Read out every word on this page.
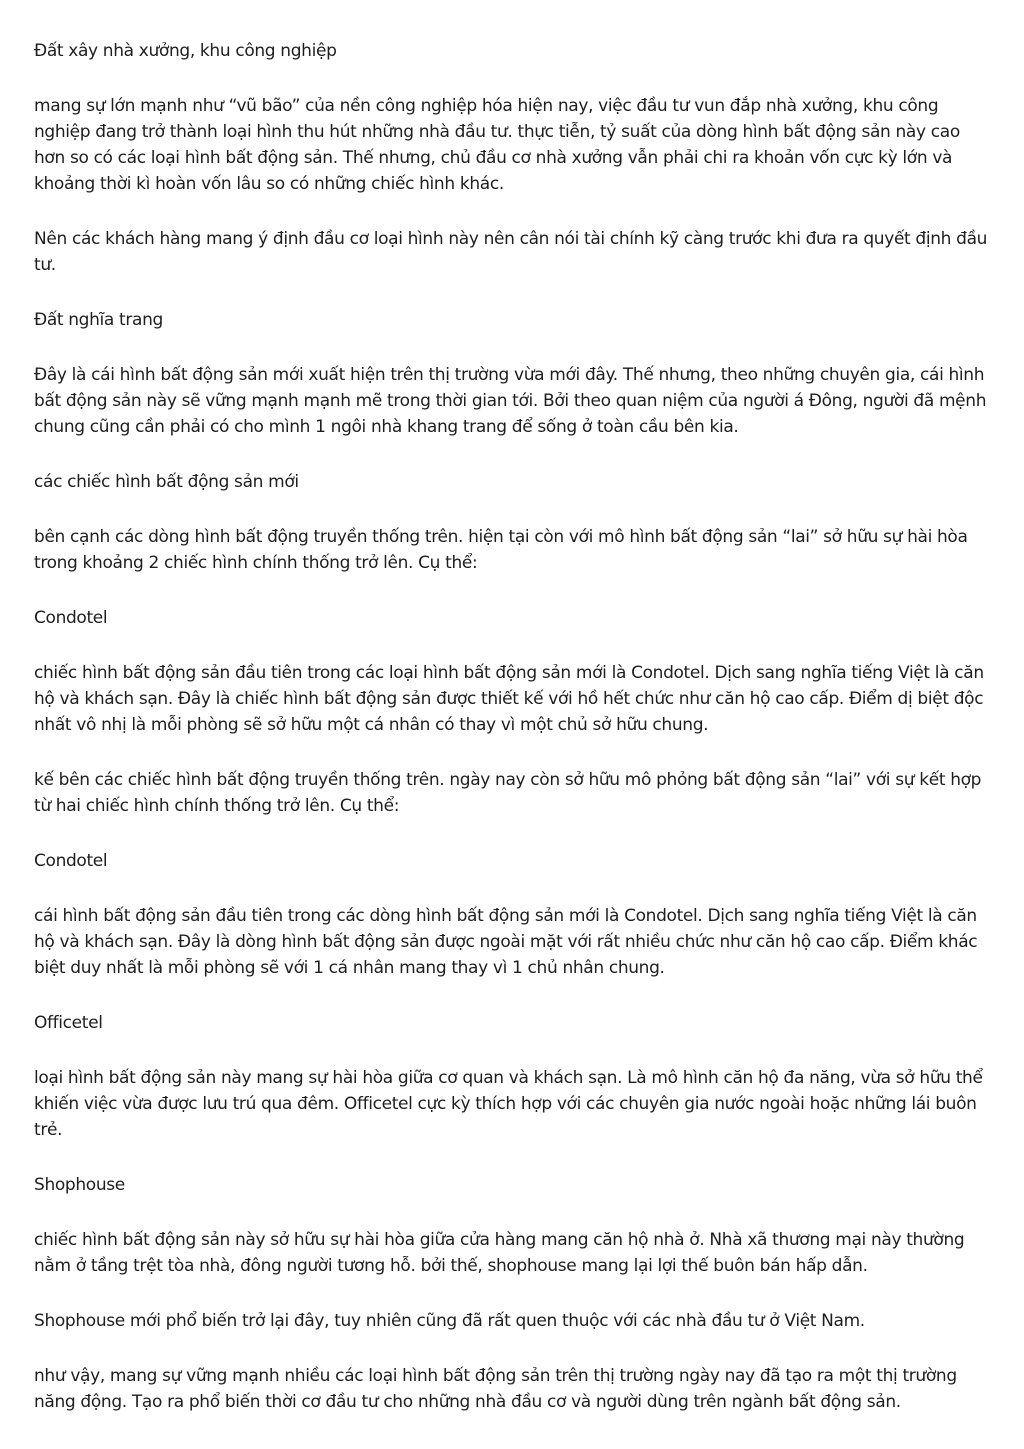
Đất xây nhà xưởng, khu công nghiệp

mang sự lớn mạnh như “vũ bão” của nền công nghiệp hóa hiện nay, việc đầu tư vun đắp nhà xưởng, khu công nghiệp đang trở thành loại hình thu hút những nhà đầu tư. thực tiễn, tỷ suất của dòng hình bất động sản này cao hơn so có các loại hình bất động sản. Thế nhưng, chủ đầu cơ nhà xưởng vẫn phải chi ra khoản vốn cực kỳ lớn và khoảng thời kì hoàn vốn lâu so có những chiếc hình khác.

Nên các khách hàng mang ý định đầu cơ loại hình này nên cân nói tài chính kỹ càng trước khi đưa ra quyết định đầu tư.

Đất nghĩa trang

Đây là cái hình bất động sản mới xuất hiện trên thị trường vừa mới đây. Thế nhưng, theo những chuyên gia, cái hình bất động sản này sẽ vững mạnh mạnh mẽ trong thời gian tới. Bởi theo quan niệm của người á Đông, người đã mệnh chung cũng cần phải có cho mình 1 ngôi nhà khang trang để sống ở toàn cầu bên kia.

các chiếc hình bất động sản mới

bên cạnh các dòng hình bất động truyền thống trên. hiện tại còn với mô hình bất động sản “lai” sở hữu sự hài hòa trong khoảng 2 chiếc hình chính thống trở lên. Cụ thể:

Condotel

chiếc hình bất động sản đầu tiên trong các loại hình bất động sản mới là Condotel. Dịch sang nghĩa tiếng Việt là căn hộ và khách sạn. Đây là chiếc hình bất động sản được thiết kế với hồ hết chức như căn hộ cao cấp. Điểm dị biệt độc nhất vô nhị là mỗi phòng sẽ sở hữu một cá nhân có thay vì một chủ sở hữu chung.

kế bên các chiếc hình bất động truyền thống trên. ngày nay còn sở hữu mô phỏng bất động sản “lai” với sự kết hợp từ hai chiếc hình chính thống trở lên. Cụ thể:

Condotel

cái hình bất động sản đầu tiên trong các dòng hình bất động sản mới là Condotel. Dịch sang nghĩa tiếng Việt là căn hộ và khách sạn. Đây là dòng hình bất động sản được ngoài mặt với rất nhiều chức như căn hộ cao cấp. Điểm khác biệt duy nhất là mỗi phòng sẽ với 1 cá nhân mang thay vì 1 chủ nhân chung.

Officetel

loại hình bất động sản này mang sự hài hòa giữa cơ quan và khách sạn. Là mô hình căn hộ đa năng, vừa sở hữu thể khiến việc vừa được lưu trú qua đêm. Officetel cực kỳ thích hợp với các chuyên gia nước ngoài hoặc những lái buôn trẻ.

Shophouse

chiếc hình bất động sản này sở hữu sự hài hòa giữa cửa hàng mang căn hộ nhà ở. Nhà xã thương mại này thường nằm ở tầng trệt tòa nhà, đông người tương hỗ. bởi thế, shophouse mang lại lợi thế buôn bán hấp dẫn.

Shophouse mới phổ biến trở lại đây, tuy nhiên cũng đã rất quen thuộc với các nhà đầu tư ở Việt Nam.

như vậy, mang sự vững mạnh nhiều các loại hình bất động sản trên thị trường ngày nay đã tạo ra một thị trường năng động. Tạo ra phổ biến thời cơ đầu tư cho những nhà đầu cơ và người dùng trên ngành bất động sản.
